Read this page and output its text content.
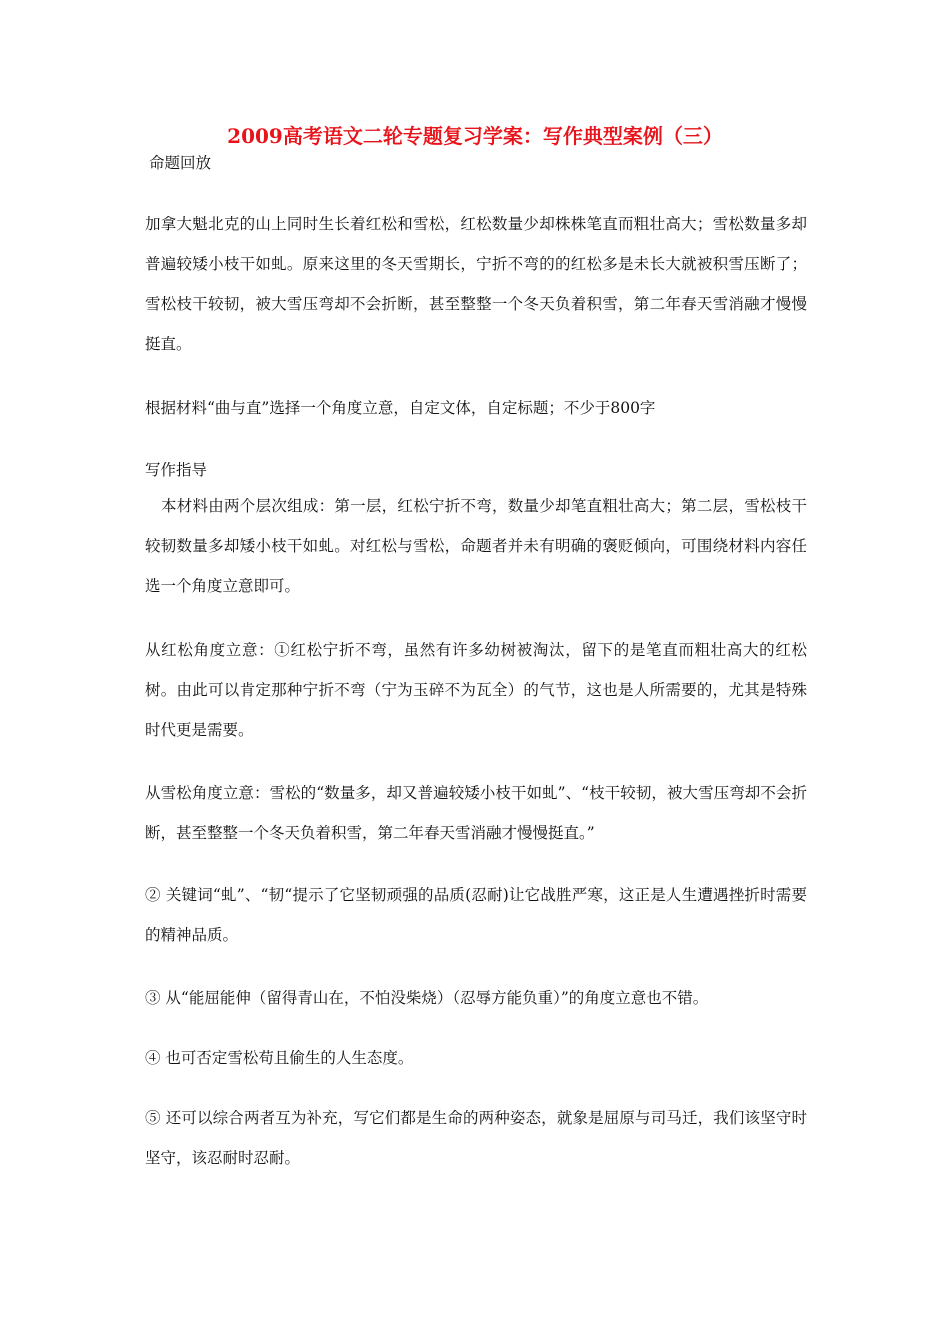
2009高考语文二轮专题复习学案：写作典型案例（三）
命题回放

加拿大魁北克的山上同时生长着红松和雪松，红松数量少却株株笔直而粗壮高大；雪松数量多却普遍较矮小枝干如虬。原来这里的冬天雪期长，宁折不弯的的红松多是未长大就被积雪压断了；雪松枝干较韧，被大雪压弯却不会折断，甚至整整一个冬天负着积雪，第二年春天雪消融才慢慢挺直。

根据材料“曲与直”选择一个角度立意，自定文体，自定标题；不少于800字

写作指导

本材料由两个层次组成：第一层，红松宁折不弯，数量少却笔直粗壮高大；第二层，雪松枝干较韧数量多却矮小枝干如虬。对红松与雪松，命题者并未有明确的褒贬倾向，可围绕材料内容任选一个角度立意即可。

从红松角度立意：①红松宁折不弯，虽然有许多幼树被淘汰，留下的是笔直而粗壮高大的红松树。由此可以肯定那种宁折不弯（宁为玉碎不为瓦全）的气节，这也是人所需要的，尤其是特殊时代更是需要。

从雪松角度立意：雪松的“数量多，却又普遍较矮小枝干如虬”、“枝干较韧，被大雪压弯却不会折断，甚至整整一个冬天负着积雪，第二年春天雪消融才慢慢挺直。”

② 关键词“虬”、“韧“提示了它坚韧顽强的品质(忍耐)让它战胜严寒，这正是人生遭遇挫折时需要的精神品质。

③ 从“能屈能伸（留得青山在，不怕没柴烧）（忍辱方能负重）”的角度立意也不错。

④ 也可否定雪松苟且偷生的人生态度。

⑤ 还可以综合两者互为补充，写它们都是生命的两种姿态，就象是屈原与司马迁，我们该坚守时坚守，该忍耐时忍耐。
